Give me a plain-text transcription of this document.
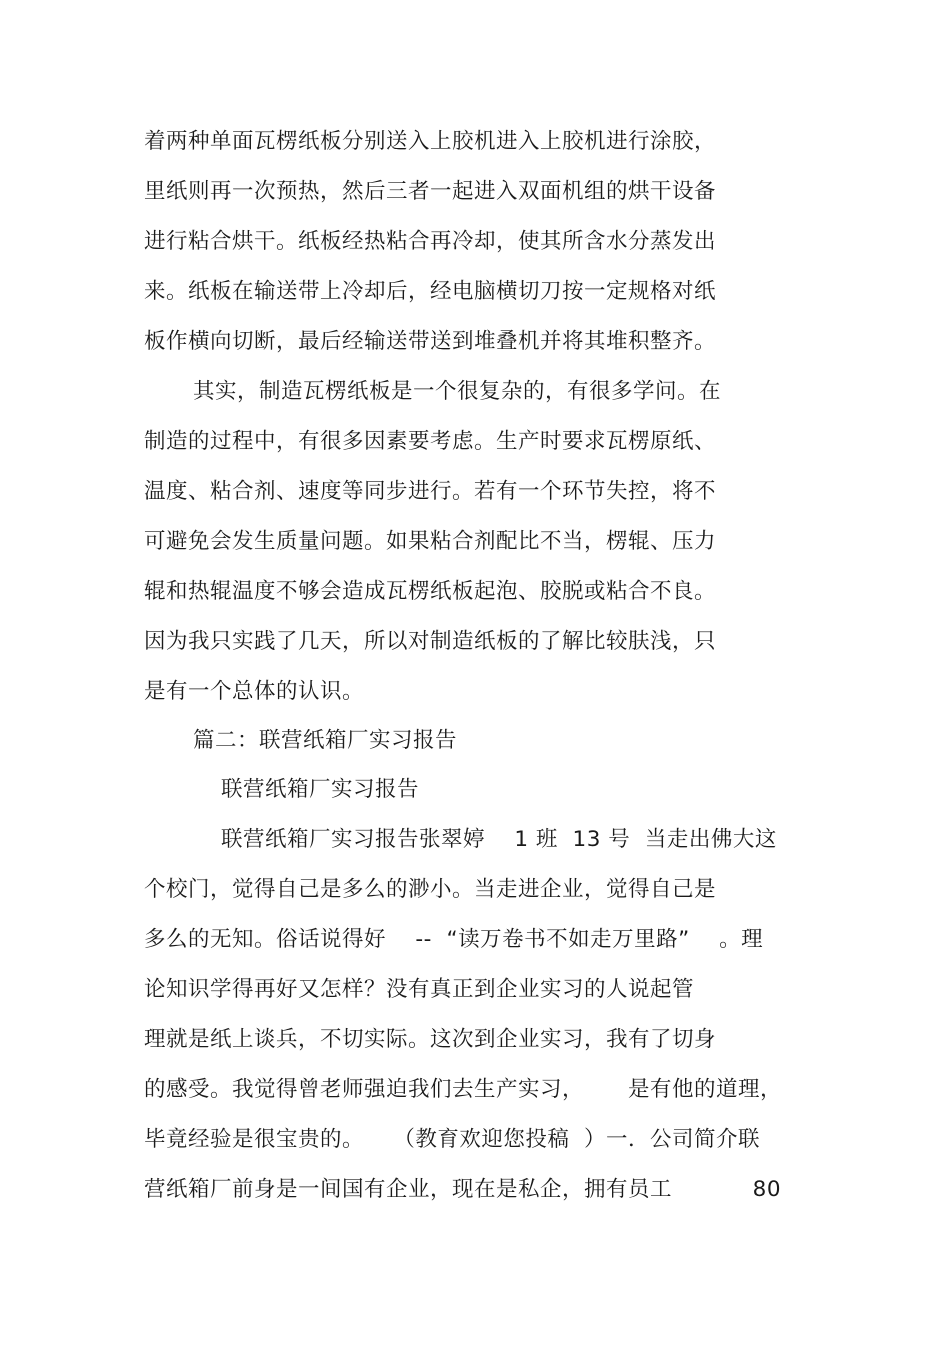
着两种单面瓦楞纸板分别送入上胶机进入上胶机进行涂胶，
里纸则再一次预热，然后三者一起进入双面机组的烘干设备
进行粘合烘干。纸板经热粘合再冷却，使其所含水分蒸发出
来。纸板在输送带上冷却后，经电脑横切刀按一定规格对纸
板作横向切断，最后经输送带送到堆叠机并将其堆积整齐。
其实，制造瓦楞纸板是一个很复杂的，有很多学问。在
制造的过程中，有很多因素要考虑。生产时要求瓦楞原纸、
温度、粘合剂、速度等同步进行。若有一个环节失控，将不
可避免会发生质量问题。如果粘合剂配比不当，楞辊、压力
辊和热辊温度不够会造成瓦楞纸板起泡、胶脱或粘合不良。
因为我只实践了几天，所以对制造纸板的了解比较肤浅，只
是有一个总体的认识。
篇二：联营纸箱厂实习报告
联营纸箱厂实习报告
联营纸箱厂实习报告张翠婷    1 班  13 号  当走出佛大这
个校门，觉得自己是多么的渺小。当走进企业，觉得自己是
多么的无知。俗话说得好    --  “读万卷书不如走万里路”    。理
论知识学得再好又怎样？没有真正到企业实习的人说起管
理就是纸上谈兵，不切实际。这次到企业实习，我有了切身
的感受。我觉得曾老师强迫我们去生产实习，      是有他的道理，
毕竟经验是很宝贵的。    （教育欢迎您投稿  ）一．公司简介联
营纸箱厂前身是一间国有企业，现在是私企，拥有员工           80
